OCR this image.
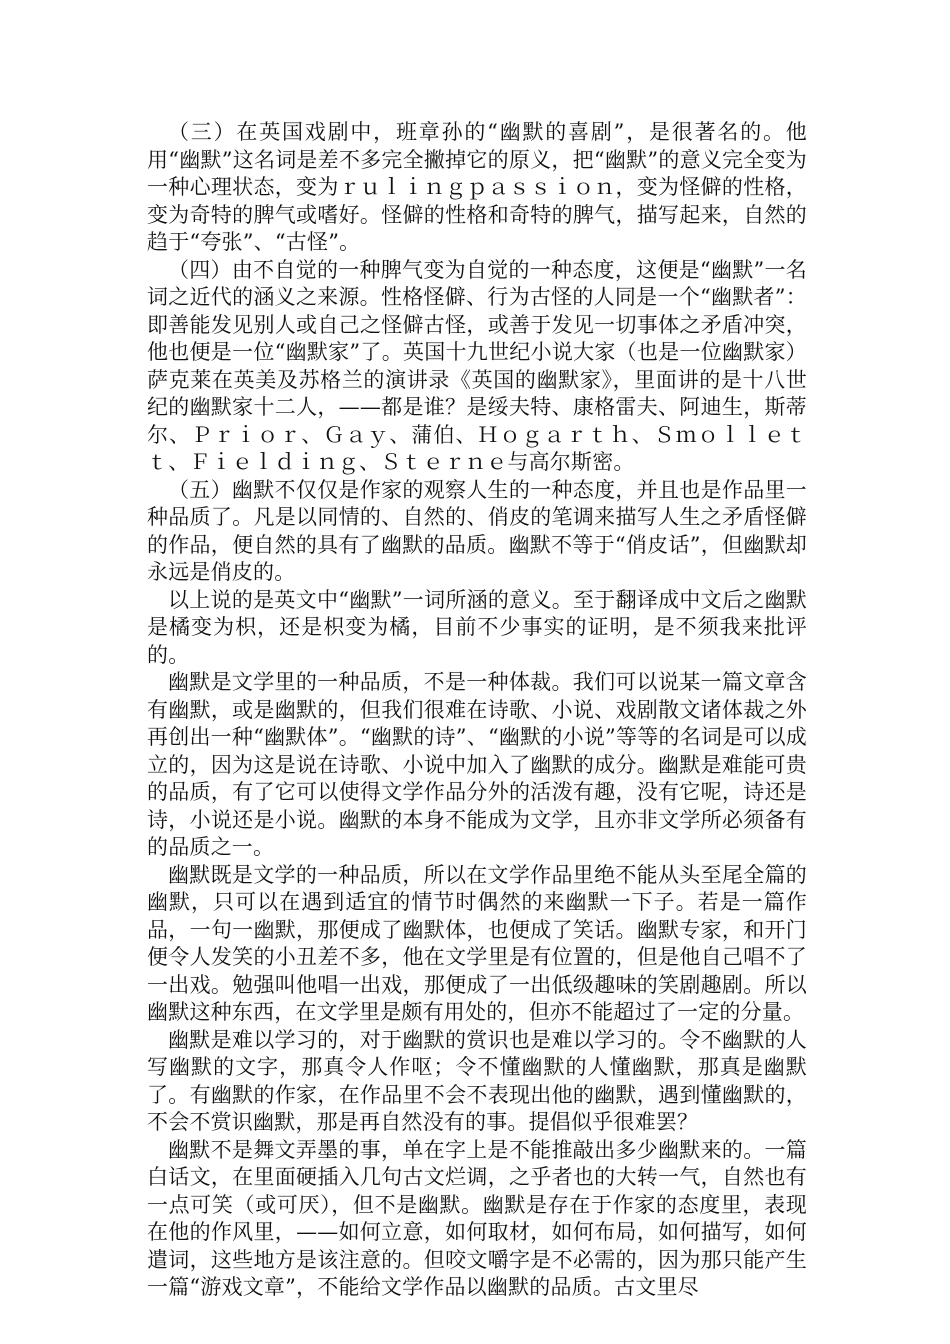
（三）在英国戏剧中，班章孙的“幽默的喜剧”，是很著名的。他用“幽默”这名词是差不多完全撇掉它的原义，把“幽默”的意义完全变为一种心理状态，变为ｒｕｌｉｎｇｐａｓｓｉｏｎ，变为怪僻的性格，变为奇特的脾气或嗜好。怪僻的性格和奇特的脾气，描写起来，自然的趋于“夸张”、“古怪”。

（四）由不自觉的一种脾气变为自觉的一种态度，这便是“幽默”一名词之近代的涵义之来源。性格怪僻、行为古怪的人同是一个“幽默者”：即善能发见别人或自己之怪僻古怪，或善于发见一切事体之矛盾冲突，他也便是一位“幽默家”了。英国十九世纪小说大家（也是一位幽默家）萨克莱在英美及苏格兰的演讲录《英国的幽默家》，里面讲的是十八世纪的幽默家十二人，——都是谁？是绥夫特、康格雷夫、阿迪生，斯蒂尔、Ｐｒｉｏｒ、Ｇａｙ、蒲伯、Ｈｏｇａｒｔｈ、Ｓｍｏｌｌｅｔｔ、Ｆｉｅｌｄｉｎｇ、Ｓｔｅｒｎｅ与高尔斯密。

（五）幽默不仅仅是作家的观察人生的一种态度，并且也是作品里一种品质了。凡是以同情的、自然的、俏皮的笔调来描写人生之矛盾怪僻的作品，便自然的具有了幽默的品质。幽默不等于“俏皮话”，但幽默却永远是俏皮的。

以上说的是英文中“幽默”一词所涵的意义。至于翻译成中文后之幽默是橘变为枳，还是枳变为橘，目前不少事实的证明，是不须我来批评的。

幽默是文学里的一种品质，不是一种体裁。我们可以说某一篇文章含有幽默，或是幽默的，但我们很难在诗歌、小说、戏剧散文诸体裁之外再创出一种“幽默体”。“幽默的诗”、“幽默的小说”等等的名词是可以成立的，因为这是说在诗歌、小说中加入了幽默的成分。幽默是难能可贵的品质，有了它可以使得文学作品分外的活泼有趣，没有它呢，诗还是诗，小说还是小说。幽默的本身不能成为文学，且亦非文学所必须备有的品质之一。

幽默既是文学的一种品质，所以在文学作品里绝不能从头至尾全篇的幽默，只可以在遇到适宜的情节时偶然的来幽默一下子。若是一篇作品，一句一幽默，那便成了幽默体，也便成了笑话。幽默专家，和开门便令人发笑的小丑差不多，他在文学里是有位置的，但是他自己唱不了一出戏。勉强叫他唱一出戏，那便成了一出低级趣味的笑剧趣剧。所以幽默这种东西，在文学里是颇有用处的，但亦不能超过了一定的分量。

幽默是难以学习的，对于幽默的赏识也是难以学习的。令不幽默的人写幽默的文字，那真令人作呕；令不懂幽默的人懂幽默，那真是幽默了。有幽默的作家，在作品里不会不表现出他的幽默，遇到懂幽默的，不会不赏识幽默，那是再自然没有的事。提倡似乎很难罢？

幽默不是舞文弄墨的事，单在字上是不能推敲出多少幽默来的。一篇白话文，在里面硬插入几句古文烂调，之乎者也的大转一气，自然也有一点可笑（或可厌），但不是幽默。幽默是存在于作家的态度里，表现在他的作风里，——如何立意，如何取材，如何布局，如何描写，如何遣词，这些地方是该注意的。但咬文嚼字是不必需的，因为那只能产生一篇“游戏文章”，不能给文学作品以幽默的品质。古文里尽
